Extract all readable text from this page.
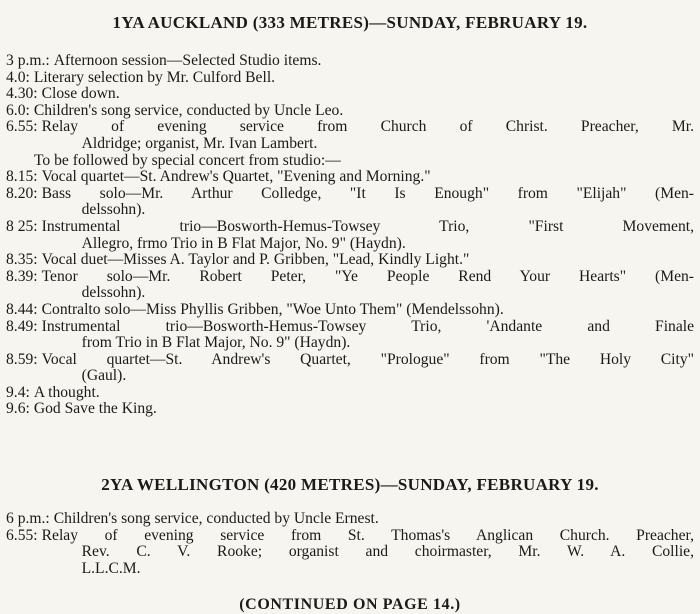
1YA AUCKLAND (333 METRES)—SUNDAY, FEBRUARY 19.
3 p.m.: Afternoon session—Selected Studio items.
4.0: Literary selection by Mr. Culford Bell.
4.30: Close down.
6.0: Children's song service, conducted by Uncle Leo.
6.55: Relay of evening service from Church of Christ. Preacher, Mr.
Aldridge; organist, Mr. Ivan Lambert.
To be followed by special concert from studio:—
8.15: Vocal quartet—St. Andrew's Quartet, "Evening and Morning."
8.20: Bass solo—Mr. Arthur Colledge, "It Is Enough" from "Elijah" (Men-
delssohn).
8 25: Instrumental trio—Bosworth-Hemus-Towsey Trio, "First Movement,
Allegro, frmo Trio in B Flat Major, No. 9" (Haydn).
8.35: Vocal duet—Misses A. Taylor and P. Gribben, "Lead, Kindly Light."
8.39: Tenor solo—Mr. Robert Peter, "Ye People Rend Your Hearts" (Men-
delssohn).
8.44: Contralto solo—Miss Phyllis Gribben, "Woe Unto Them" (Mendelssohn).
8.49: Instrumental trio—Bosworth-Hemus-Towsey Trio, 'Andante and Finale
from Trio in B Flat Major, No. 9" (Haydn).
8.59: Vocal quartet—St. Andrew's Quartet, "Prologue" from "The Holy City"
(Gaul).
9.4: A thought.
9.6: God Save the King.
2YA WELLINGTON (420 METRES)—SUNDAY, FEBRUARY 19.
6 p.m.: Children's song service, conducted by Uncle Ernest.
6.55: Relay of evening service from St. Thomas's Anglican Church. Preacher,
Rev. C. V. Rooke; organist and choirmaster, Mr. W. A. Collie,
L.L.C.M.
(CONTINUED ON PAGE 14.)
